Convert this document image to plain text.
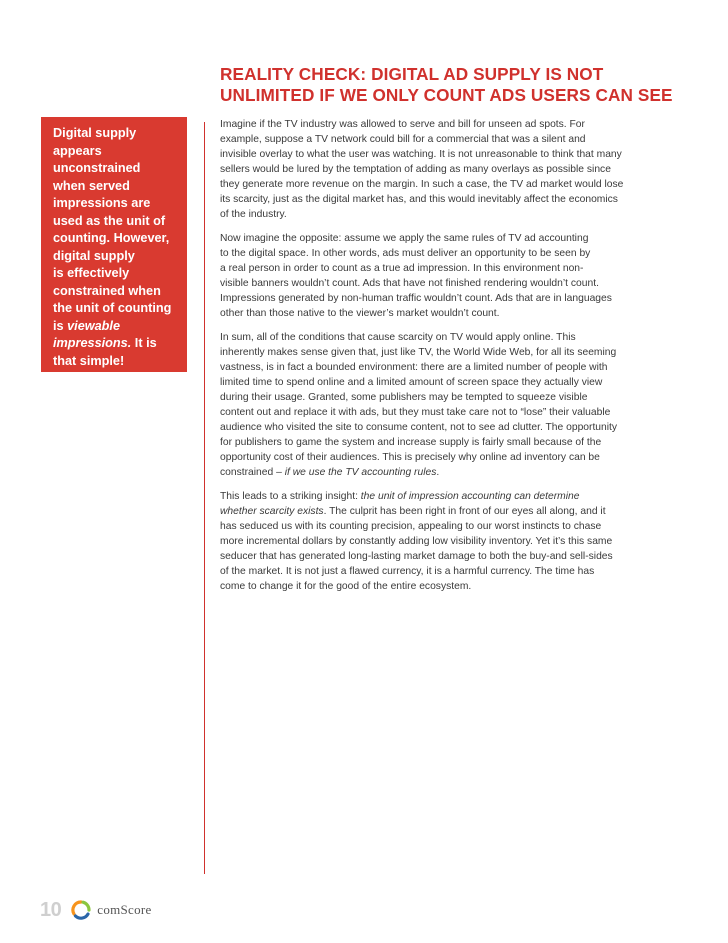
REALITY CHECK: DIGITAL AD SUPPLY IS NOT
UNLIMITED IF WE ONLY COUNT ADS USERS CAN SEE
Digital supply
appears
unconstrained
when served
impressions are
used as the unit of
counting. However,
digital supply
is effectively
constrained when
the unit of counting
is viewable
impressions. It is
that simple!

Imagine if the TV industry was allowed to serve and bill for unseen ad spots. For
example, suppose a TV network could bill for a commercial that was a silent and
invisible overlay to what the user was watching. It is not unreasonable to think that many
sellers would be lured by the temptation of adding as many overlays as possible since
they generate more revenue on the margin. In such a case, the TV ad market would lose
its scarcity, just as the digital market has, and this would inevitably affect the economics
of the industry.

Now imagine the opposite: assume we apply the same rules of TV ad accounting
to the digital space. In other words, ads must deliver an opportunity to be seen by
a real person in order to count as a true ad impression. In this environment non-
visible banners wouldn’t count. Ads that have not finished rendering wouldn’t count.
Impressions generated by non-human traffic wouldn’t count. Ads that are in languages
other than those native to the viewer’s market wouldn’t count.

In sum, all of the conditions that cause scarcity on TV would apply online. This
inherently makes sense given that, just like TV, the World Wide Web, for all its seeming
vastness, is in fact a bounded environment: there are a limited number of people with
limited time to spend online and a limited amount of screen space they actually view
during their usage. Granted, some publishers may be tempted to squeeze visible
content out and replace it with ads, but they must take care not to “lose” their valuable
audience who visited the site to consume content, not to see ad clutter. The opportunity
for publishers to game the system and increase supply is fairly small because of the
opportunity cost of their audiences. This is precisely why online ad inventory can be
constrained – if we use the TV accounting rules.

This leads to a striking insight: the unit of impression accounting can determine
whether scarcity exists. The culprit has been right in front of our eyes all along, and it
has seduced us with its counting precision, appealing to our worst instincts to chase
more incremental dollars by constantly adding low visibility inventory. Yet it’s this same
seducer that has generated long-lasting market damage to both the buy-and sell-sides
of the market. It is not just a flawed currency, it is a harmful currency. The time has
come to change it for the good of the entire ecosystem.

10	comScore
